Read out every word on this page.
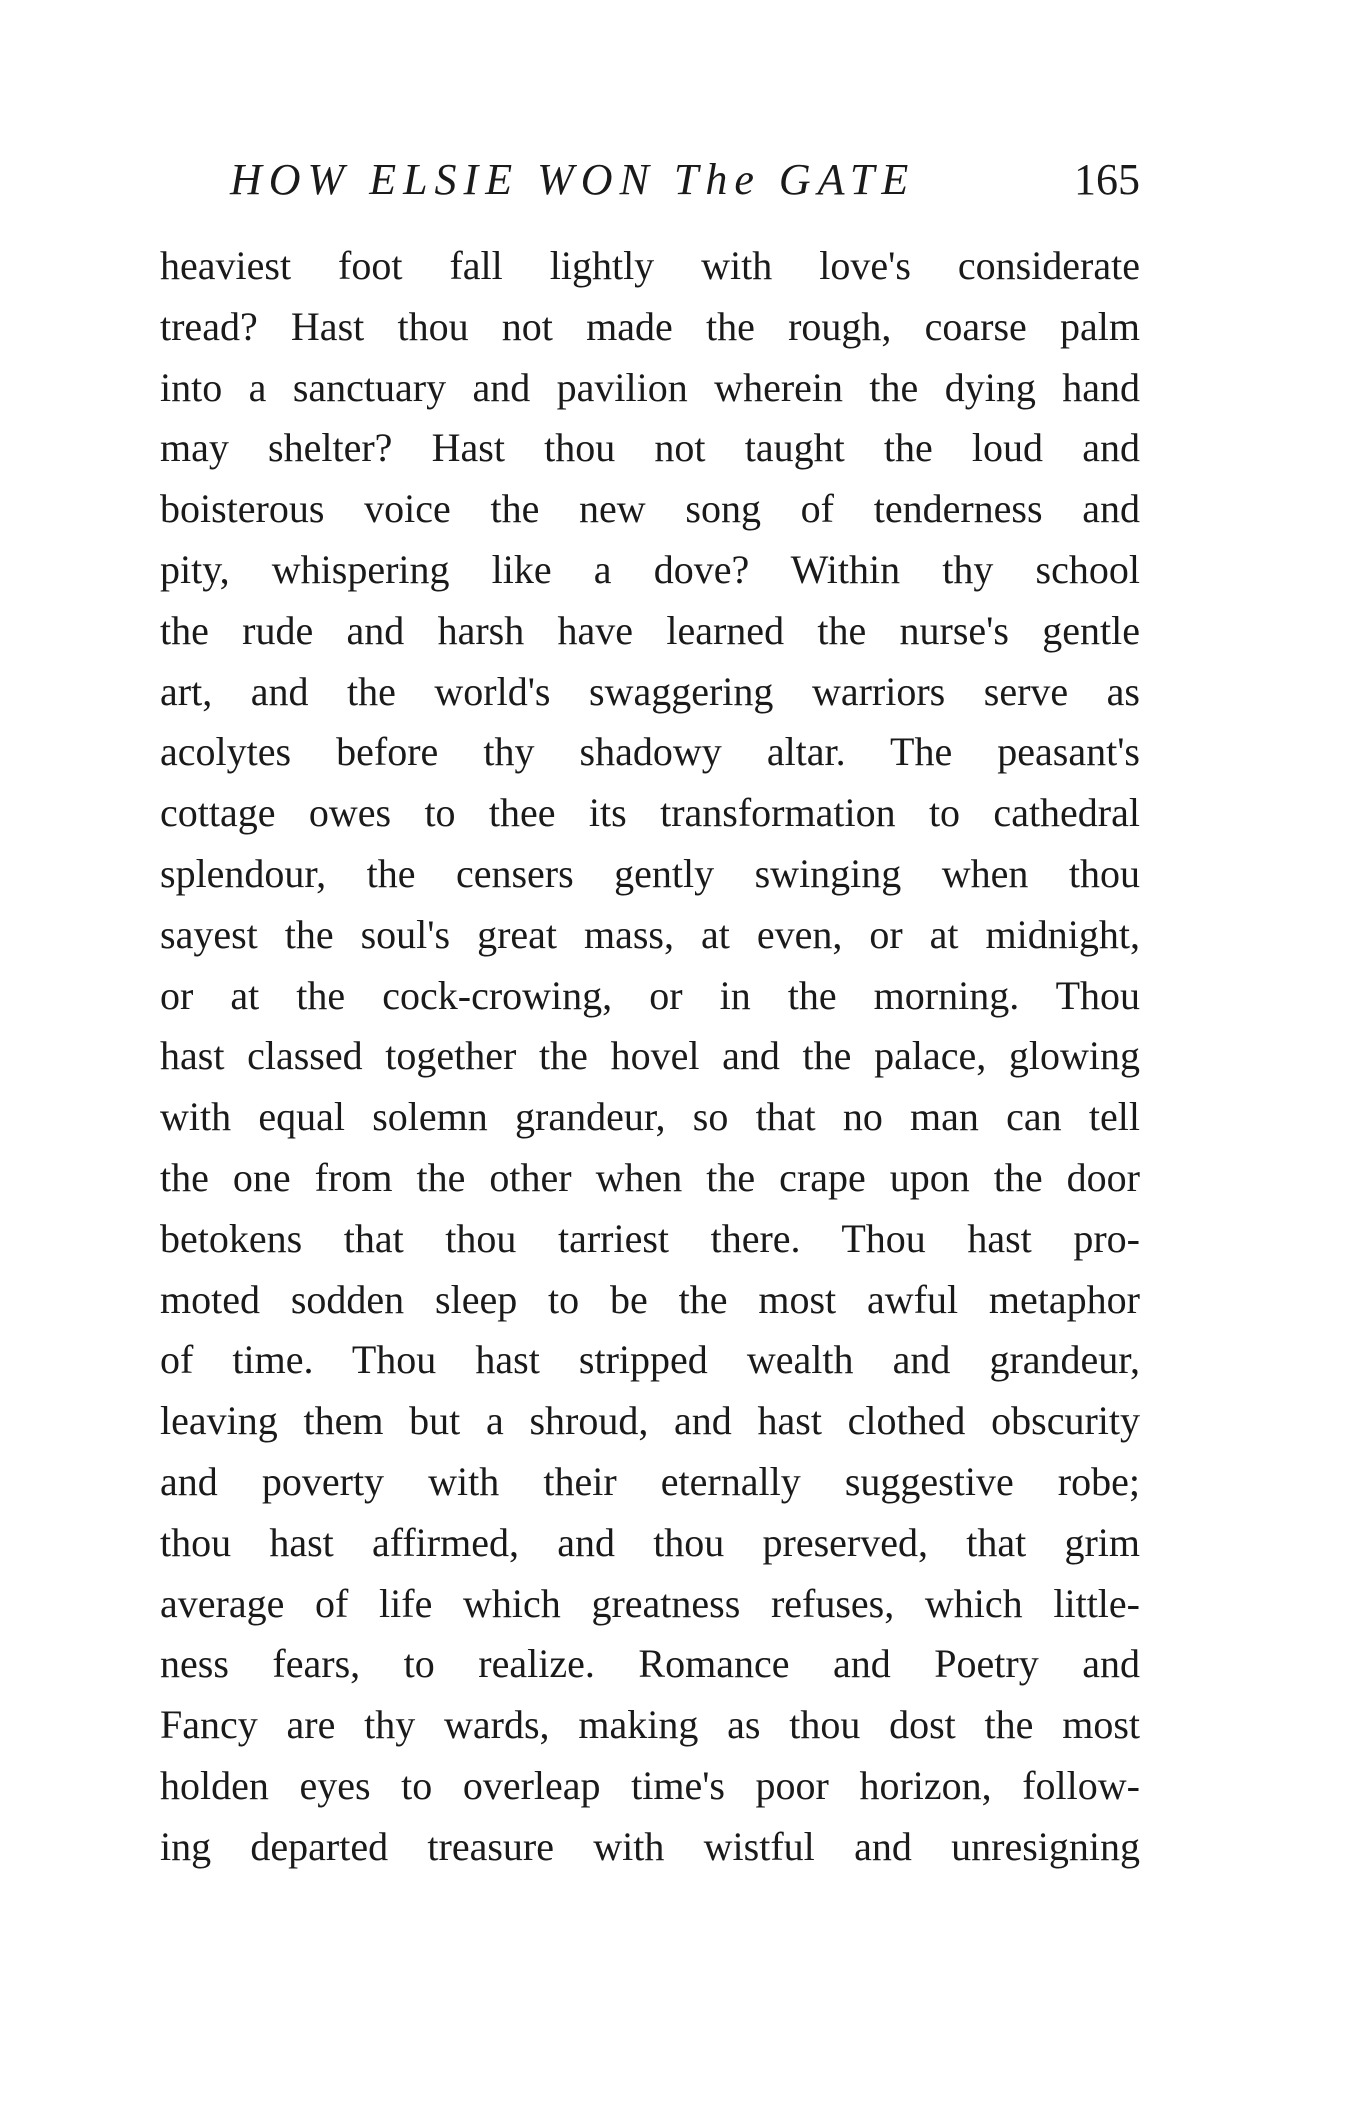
HOW ELSIE WON The GATE	165
heaviest foot fall lightly with love's considerate
tread? Hast thou not made the rough, coarse palm
into a sanctuary and pavilion wherein the dying hand
may shelter? Hast thou not taught the loud and
boisterous voice the new song of tenderness and
pity, whispering like a dove? Within thy school
the rude and harsh have learned the nurse's gentle
art, and the world's swaggering warriors serve as
acolytes before thy shadowy altar. The peasant's
cottage owes to thee its transformation to cathedral
splendour, the censers gently swinging when thou
sayest the soul's great mass, at even, or at midnight,
or at the cock-crowing, or in the morning. Thou
hast classed together the hovel and the palace, glowing
with equal solemn grandeur, so that no man can tell
the one from the other when the crape upon the door
betokens that thou tarriest there. Thou hast pro-
moted sodden sleep to be the most awful metaphor
of time. Thou hast stripped wealth and grandeur,
leaving them but a shroud, and hast clothed obscurity
and poverty with their eternally suggestive robe;
thou hast affirmed, and thou preserved, that grim
average of life which greatness refuses, which little-
ness fears, to realize. Romance and Poetry and
Fancy are thy wards, making as thou dost the most
holden eyes to overleap time's poor horizon, follow-
ing departed treasure with wistful and unresigning
